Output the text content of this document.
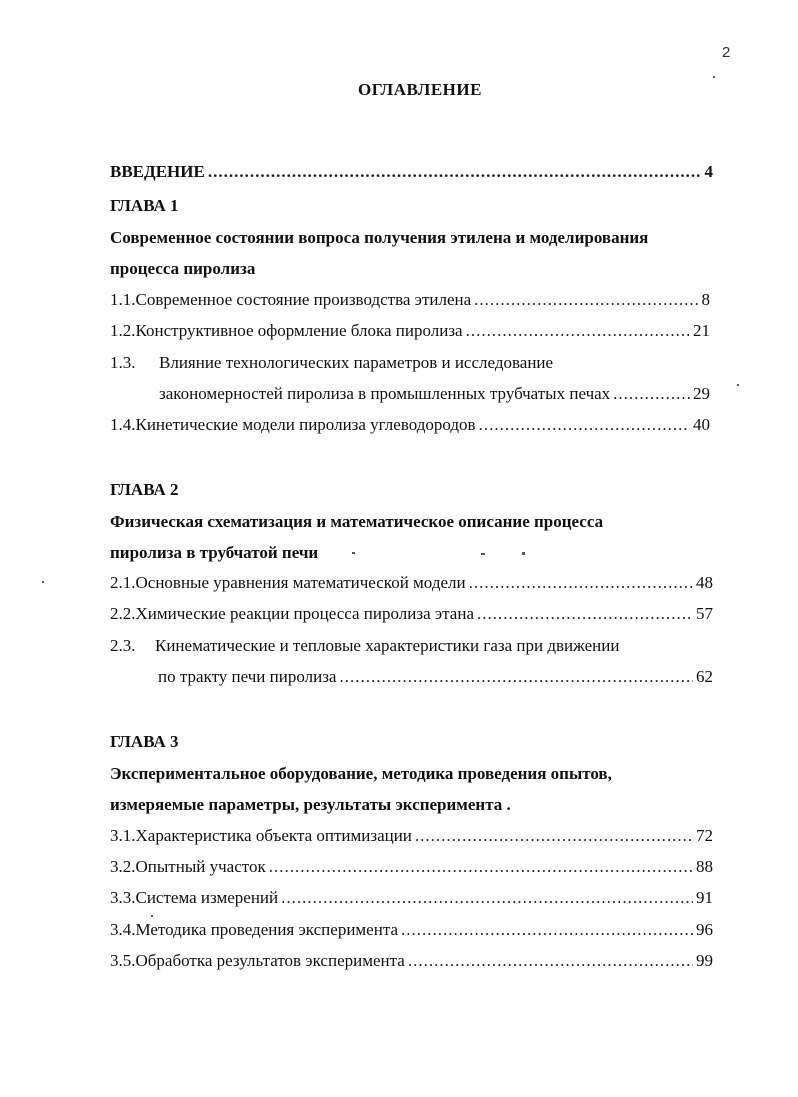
2
ОГЛАВЛЕНИЕ
ВВЕДЕНИЕ .....	4
ГЛАВА 1
Современное состоянии вопроса получения этилена и моделирования
процесса пиролиза
1.1. Современное состояние производства этилена .....	8
1.2. Конструктивное оформление блока пиролиза .....	21
1.3. Влияние технологических параметров и исследование
закономерностей пиролиза в промышленных трубчатых печах .....	29
1.4. Кинетические модели пиролиза углеводородов .....	40
ГЛАВА 2
Физическая схематизация и математическое описание процесса
пиролиза в трубчатой печи
2.1. Основные уравнения математической модели .....	48
2.2. Химические реакции процесса пиролиза этана .....	57
2.3. Кинематические и тепловые характеристики газа при движении
по тракту печи пиролиза .....	62
ГЛАВА 3
Экспериментальное оборудование, методика проведения опытов,
измеряемые параметры, результаты эксперимента .
3.1. Характеристика объекта оптимизации .....	72
3.2. Опытный участок .....	88
3.3. Система измерений .....	91
3.4. Методика проведения эксперимента .....	96
3.5. Обработка результатов эксперимента .....	99
